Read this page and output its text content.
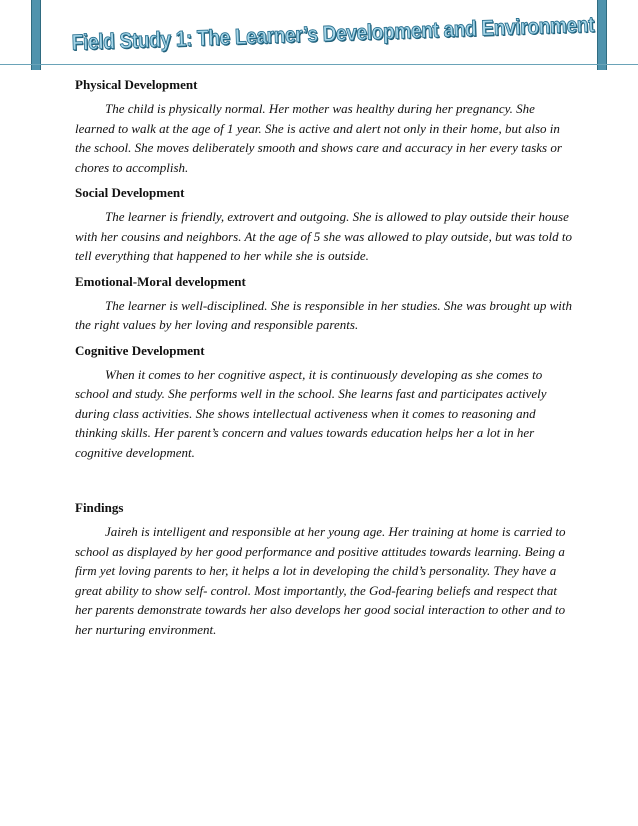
Field Study 1: The Learner’s Development and Environment

Physical Development

The child is physically normal. Her mother was healthy during her pregnancy. She learned to walk at the age of 1 year. She is active and alert not only in their home, but also in the school. She moves deliberately smooth and shows care and accuracy in her every tasks or chores to accomplish.

Social Development

The learner is friendly, extrovert and outgoing. She is allowed to play outside their house with her cousins and neighbors. At the age of 5 she was allowed to play outside, but was told to tell everything that happened to her while she is outside.

Emotional-Moral development

The learner is well-disciplined. She is responsible in her studies. She was brought up with the right values by her loving and responsible parents.

Cognitive Development

When it comes to her cognitive aspect, it is continuously developing as she comes to school and study. She performs well in the school. She learns fast and participates actively during class activities. She shows intellectual activeness when it comes to reasoning and thinking skills. Her parent’s concern and values towards education helps her a lot in her cognitive development.

Findings

Jaireh is intelligent and responsible at her young age. Her training at home is carried to school as displayed by her good performance and positive attitudes towards learning. Being a firm yet loving parents to her, it helps a lot in developing the child’s personality. They have a great ability to show self- control. Most importantly, the God-fearing beliefs and respect that her parents demonstrate towards her also develops her good social interaction to other and to her nurturing environment.
